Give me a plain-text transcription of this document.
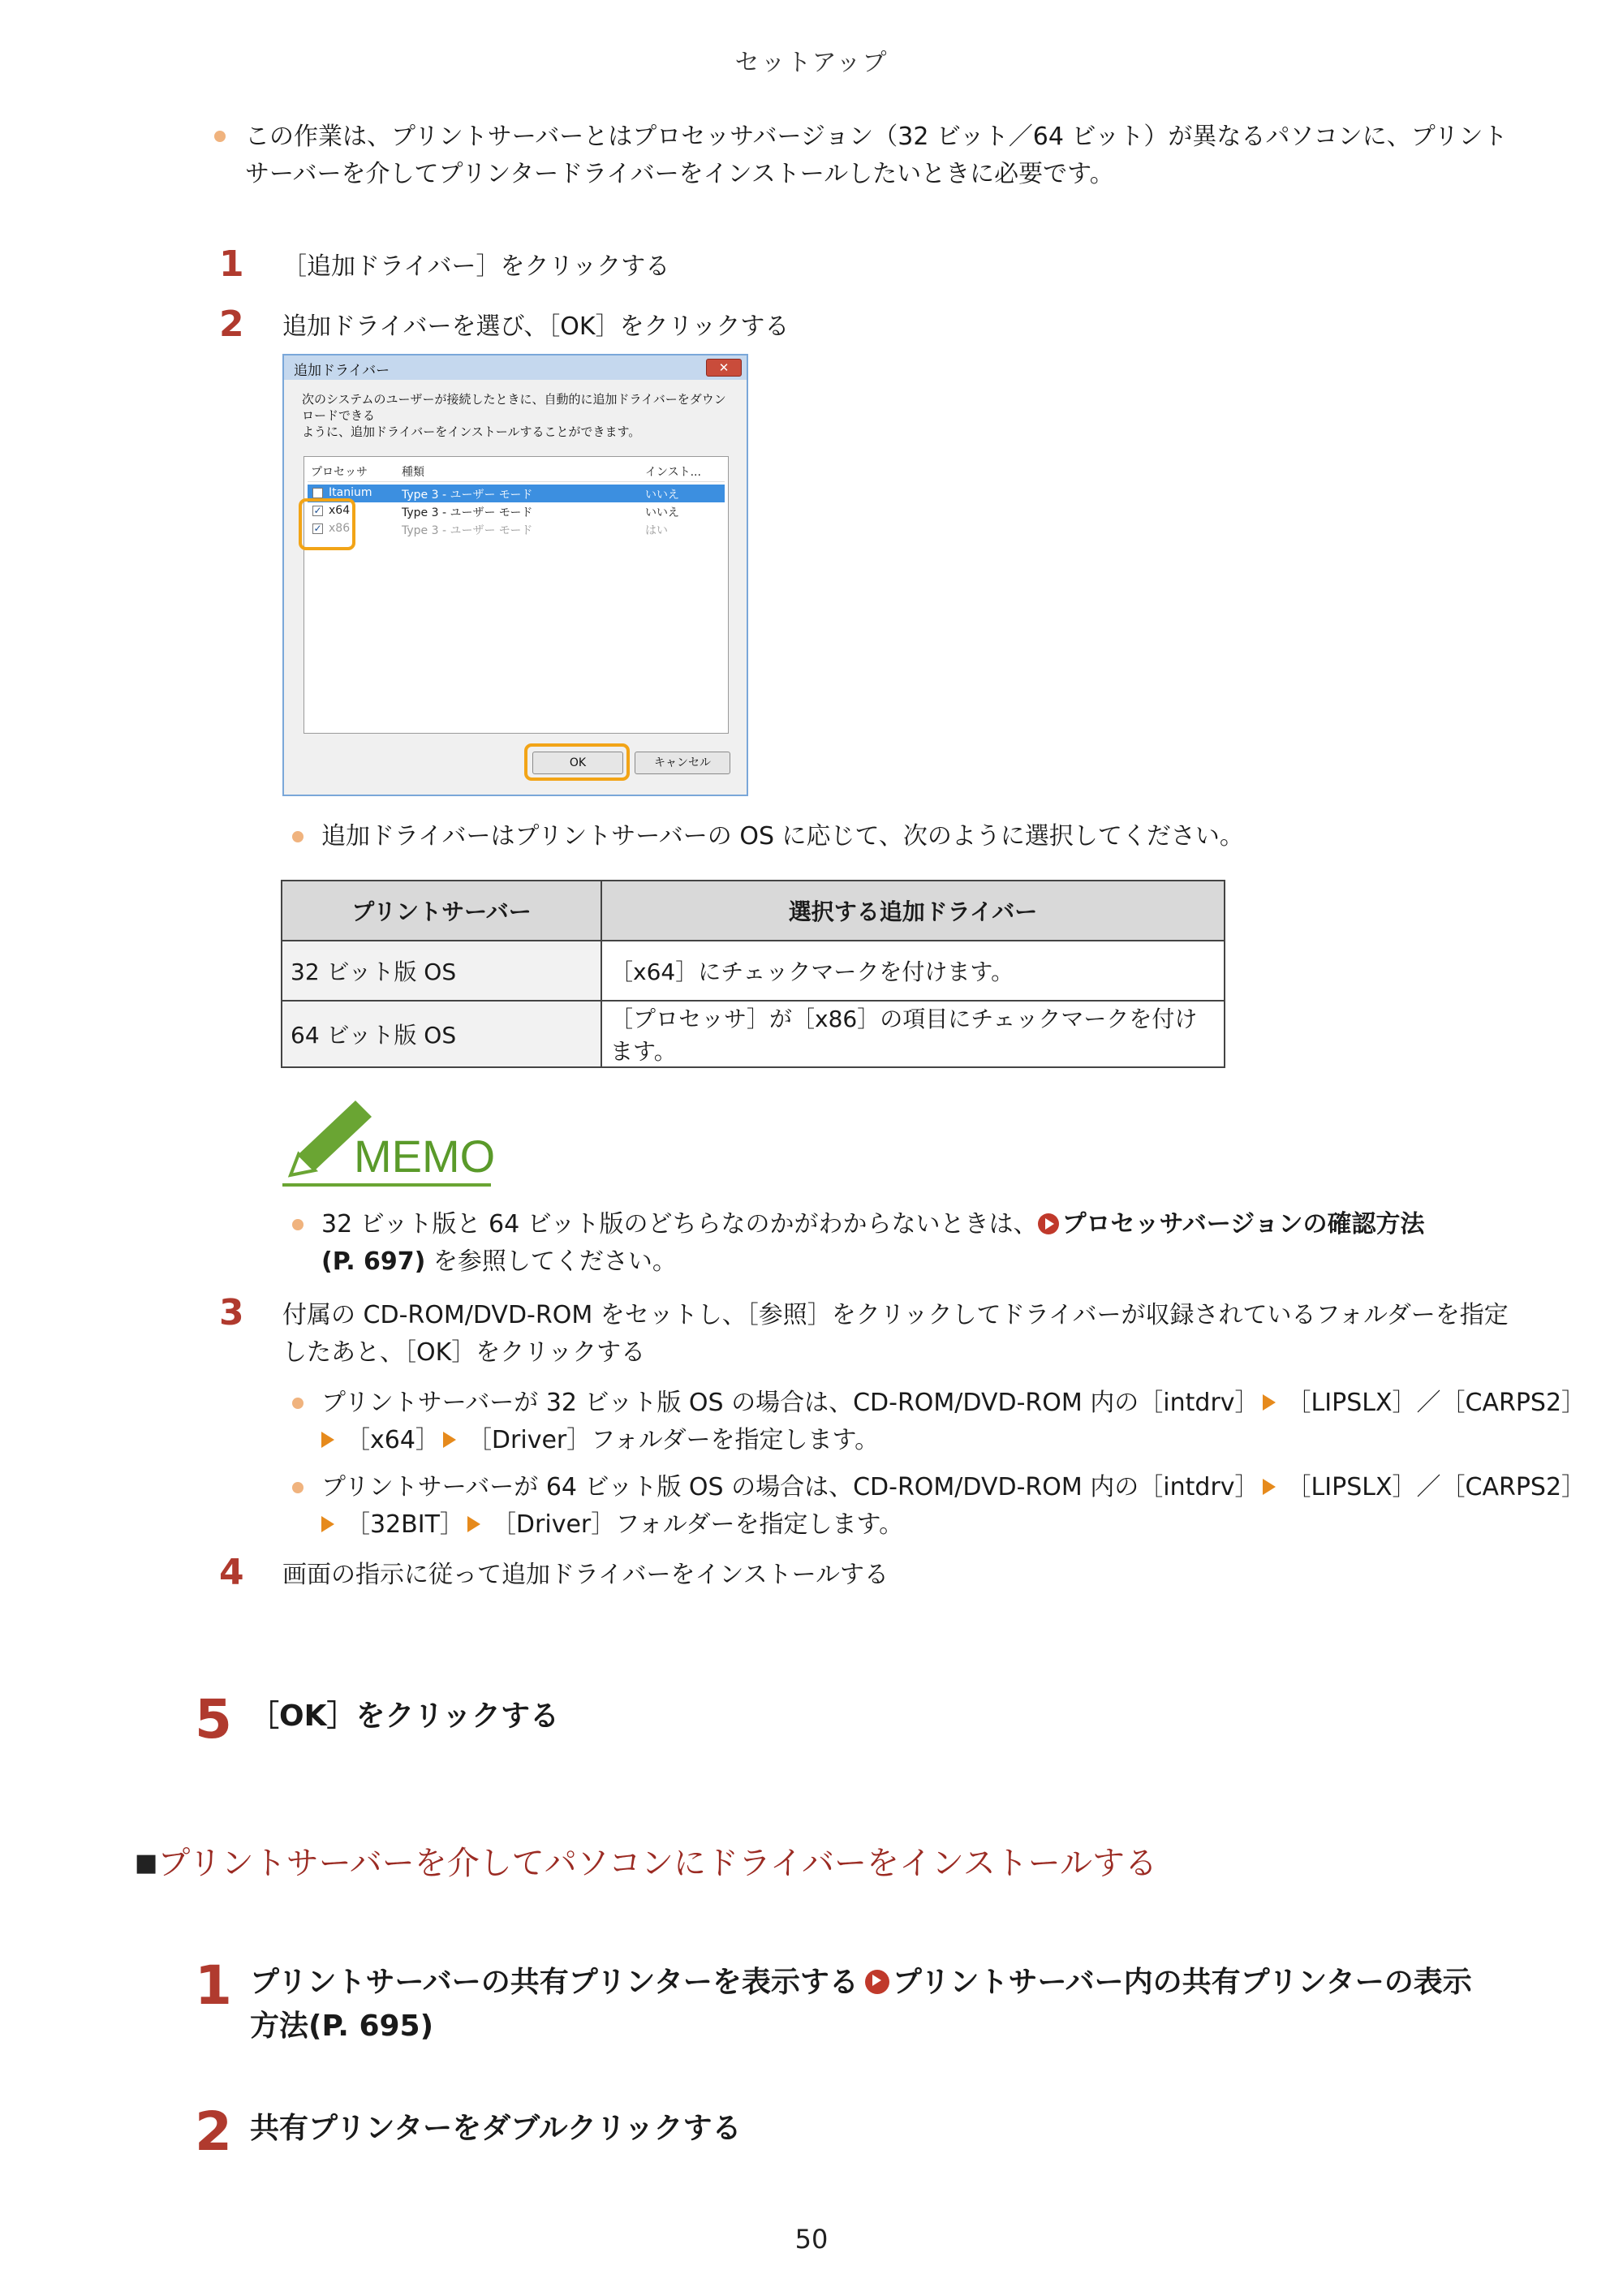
セットアップ
この作業は、プリントサーバーとはプロセッサバージョン（32 ビット／64 ビット）が異なるパソコンに、プリント
サーバーを介してプリンタードライバーをインストールしたいときに必要です。
1 ［追加ドライバー］をクリックする
2 追加ドライバーを選び、［OK］をクリックする
追加ドライバー	✕
次のシステムのユーザーが接続したときに、自動的に追加ドライバーをダウンロードできる
ように、追加ドライバーをインストールすることができます。
プロセッサ	種類	インスト...
Itanium	Type 3 - ユーザー モード	いいえ
✓ x64	Type 3 - ユーザー モード	いいえ
✓ x86	Type 3 - ユーザー モード	はい
OK	キャンセル
追加ドライバーはプリントサーバーの OS に応じて、次のように選択してください。
プリントサーバー	選択する追加ドライバー
32 ビット版 OS	［x64］にチェックマークを付けます。
64 ビット版 OS	［プロセッサ］が［x86］の項目にチェックマークを付けます。
MEMO
32 ビット版と 64 ビット版のどちらなのかがわからないときは、 プロセッサバージョンの確認方法
(P. 697) を参照してください。
3 付属の CD-ROM/DVD-ROM をセットし、［参照］をクリックしてドライバーが収録されているフォルダーを指定
したあと、［OK］をクリックする
プリントサーバーが 32 ビット版 OS の場合は、CD-ROM/DVD-ROM 内の［intdrv］ ［LIPSLX］／［CARPS2］
［x64］ ［Driver］フォルダーを指定します。
プリントサーバーが 64 ビット版 OS の場合は、CD-ROM/DVD-ROM 内の［intdrv］ ［LIPSLX］／［CARPS2］
［32BIT］ ［Driver］フォルダーを指定します。
4 画面の指示に従って追加ドライバーをインストールする
5 ［OK］をクリックする
■プリントサーバーを介してパソコンにドライバーをインストールする
1 プリントサーバーの共有プリンターを表示する プリントサーバー内の共有プリンターの表示
方法(P. 695)
2 共有プリンターをダブルクリックする
50
